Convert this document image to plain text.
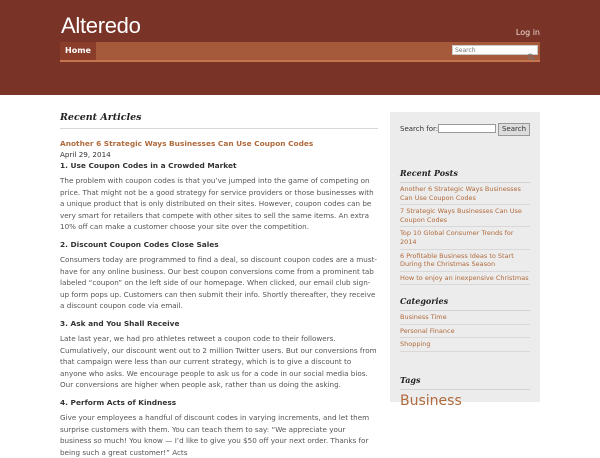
Alteredo	Log in
Home
Search
Recent Articles
Another 6 Strategic Ways Businesses Can Use Coupon Codes
April 29, 2014
1. Use Coupon Codes in a Crowded Market
The problem with coupon codes is that you’ve jumped into the game of competing on price. That might not be a good strategy for service providers or those businesses with a unique product that is only distributed on their sites. However, coupon codes can be very smart for retailers that compete with other sites to sell the same items. An extra 10% off can make a customer choose your site over the competition.
2. Discount Coupon Codes Close Sales
Consumers today are programmed to find a deal, so discount coupon codes are a must-have for any online business. Our best coupon conversions come from a prominent tab labeled “coupon” on the left side of our homepage. When clicked, our email club sign-up form pops up. Customers can then submit their info. Shortly thereafter, they receive a discount coupon code via email.
3. Ask and You Shall Receive
Late last year, we had pro athletes retweet a coupon code to their followers. Cumulatively, our discount went out to 2 million Twitter users. But our conversions from that campaign were less than our current strategy, which is to give a discount to anyone who asks. We encourage people to ask us for a code in our social media bios. Our conversions are higher when people ask, rather than us doing the asking.
4. Perform Acts of Kindness
Give your employees a handful of discount codes in varying increments, and let them surprise customers with them. You can teach them to say: “We appreciate your business so much! You know — I’d like to give you $50 off your next order. Thanks for being such a great customer!” Acts
Search for:	Search
Recent Posts
Another 6 Strategic Ways Businesses Can Use Coupon Codes
7 Strategic Ways Businesses Can Use Coupon Codes
Top 10 Global Consumer Trends for 2014
6 Profitable Business Ideas to Start During the Christmas Season
How to enjoy an inexpensive Christmas
Categories
Business Time
Personal Finance
Shopping
Tags
Business
